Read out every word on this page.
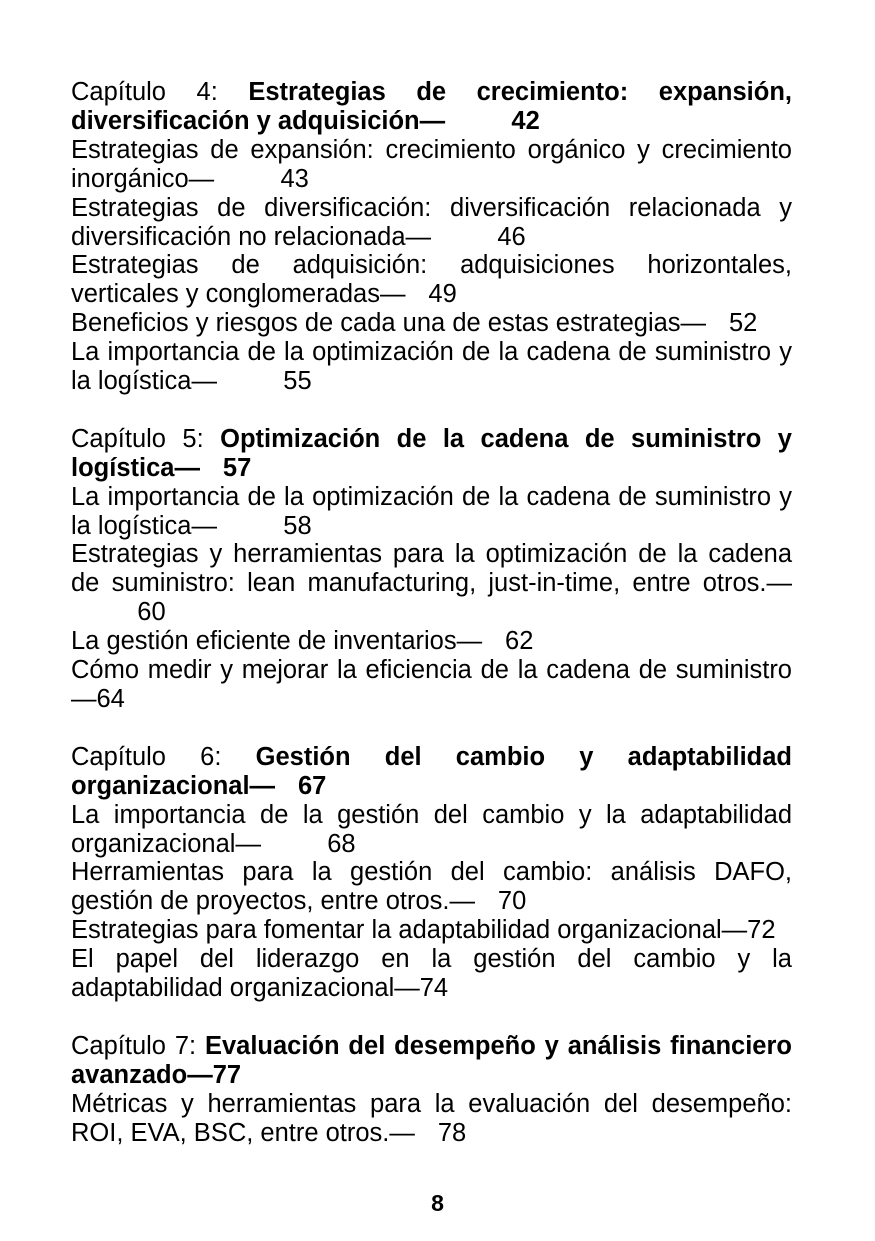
Capítulo 4: Estrategias de crecimiento: expansión, diversificación y adquisición—	42

Estrategias de expansión: crecimiento orgánico y crecimiento inorgánico—	43

Estrategias de diversificación: diversificación relacionada y diversificación no relacionada—	46

Estrategias de adquisición: adquisiciones horizontales, verticales y conglomeradas— 49

Beneficios y riesgos de cada una de estas estrategias— 52

La importancia de la optimización de la cadena de suministro y la logística—	55

Capítulo 5: Optimización de la cadena de suministro y logística— 57

La importancia de la optimización de la cadena de suministro y la logística—	58

Estrategias y herramientas para la optimización de la cadena de suministro: lean manufacturing, just-in-time, entre otros.—60

La gestión eficiente de inventarios— 62

Cómo medir y mejorar la eficiencia de la cadena de suministro—64

Capítulo 6: Gestión del cambio y adaptabilidad organizacional— 67

La importancia de la gestión del cambio y la adaptabilidad organizacional—	68

Herramientas para la gestión del cambio: análisis DAFO, gestión de proyectos, entre otros.— 70

Estrategias para fomentar la adaptabilidad organizacional—72

El papel del liderazgo en la gestión del cambio y la adaptabilidad organizacional—74

Capítulo 7: Evaluación del desempeño y análisis financiero avanzado—77

Métricas y herramientas para la evaluación del desempeño: ROI, EVA, BSC, entre otros.— 78

8
